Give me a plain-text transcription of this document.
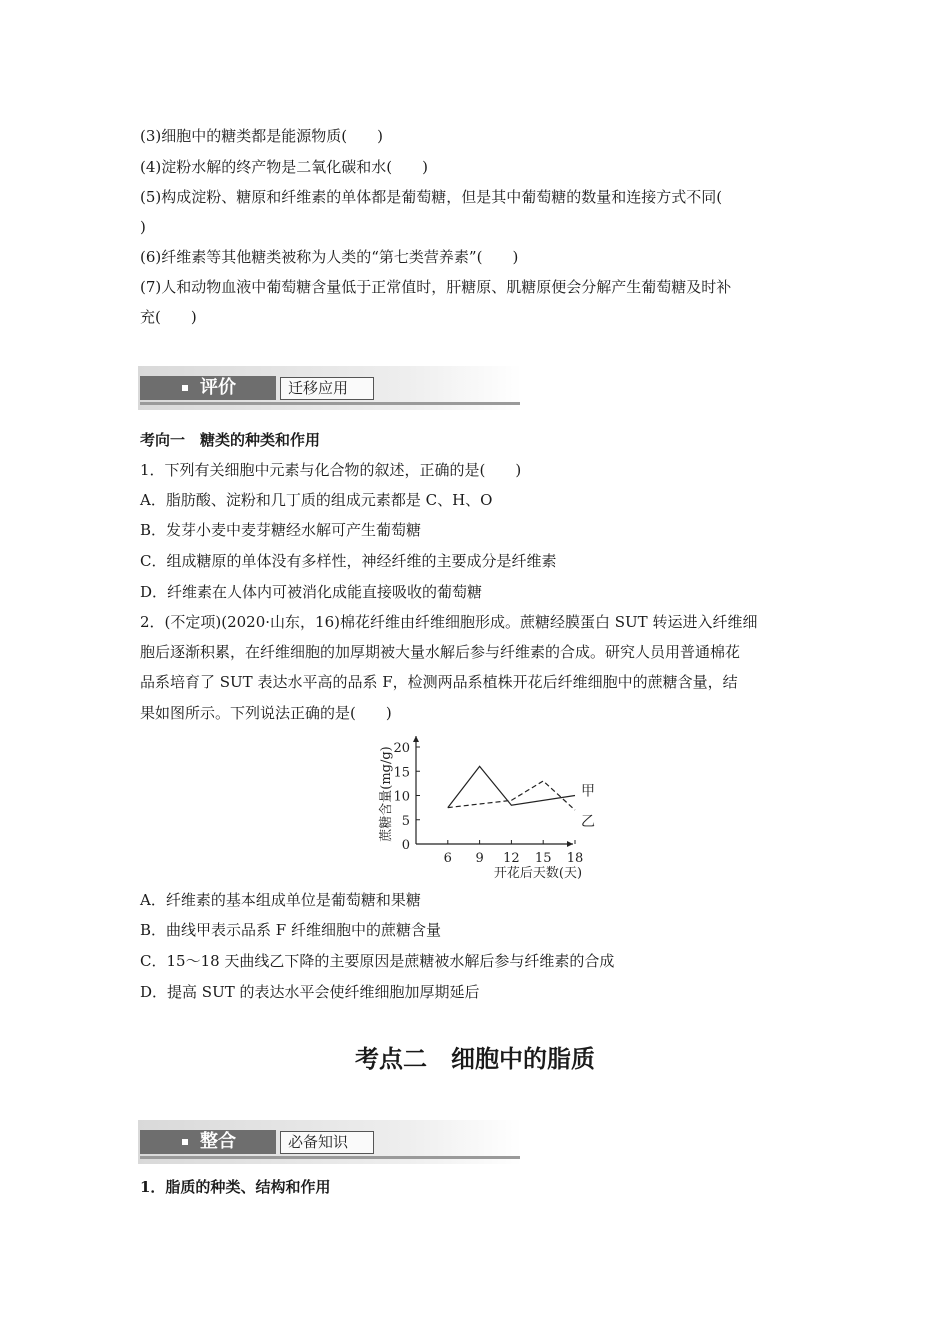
(3)细胞中的糖类都是能源物质(　　)
(4)淀粉水解的终产物是二氧化碳和水(　　)
(5)构成淀粉、糖原和纤维素的单体都是葡萄糖，但是其中葡萄糖的数量和连接方式不同(
)
(6)纤维素等其他糖类被称为人类的“第七类营养素”(　　)
(7)人和动物血液中葡萄糖含量低于正常值时，肝糖原、肌糖原便会分解产生葡萄糖及时补
充(　　)
评价	迁移应用
考向一　糖类的种类和作用
1．下列有关细胞中元素与化合物的叙述，正确的是(　　)
A．脂肪酸、淀粉和几丁质的组成元素都是 C、H、O
B．发芽小麦中麦芽糖经水解可产生葡萄糖
C．组成糖原的单体没有多样性，神经纤维的主要成分是纤维素
D．纤维素在人体内可被消化成能直接吸收的葡萄糖
2．(不定项)(2020·山东，16)棉花纤维由纤维细胞形成。蔗糖经膜蛋白 SUT 转运进入纤维细
胞后逐渐积累，在纤维细胞的加厚期被大量水解后参与纤维素的合成。研究人员用普通棉花
品系培育了 SUT 表达水平高的品系 F，检测两品系植株开花后纤维细胞中的蔗糖含量，结
果如图所示。下列说法正确的是(　　)
0
5
10
15
20
6 9 12 15 18
开花后天数(天)
蔗糖含量(mg/g)	甲
乙
A．纤维素的基本组成单位是葡萄糖和果糖
B．曲线甲表示品系 F 纤维细胞中的蔗糖含量
C．15～18 天曲线乙下降的主要原因是蔗糖被水解后参与纤维素的合成
D．提高 SUT 的表达水平会使纤维细胞加厚期延后
考点二　细胞中的脂质
整合	必备知识
1．脂质的种类、结构和作用
